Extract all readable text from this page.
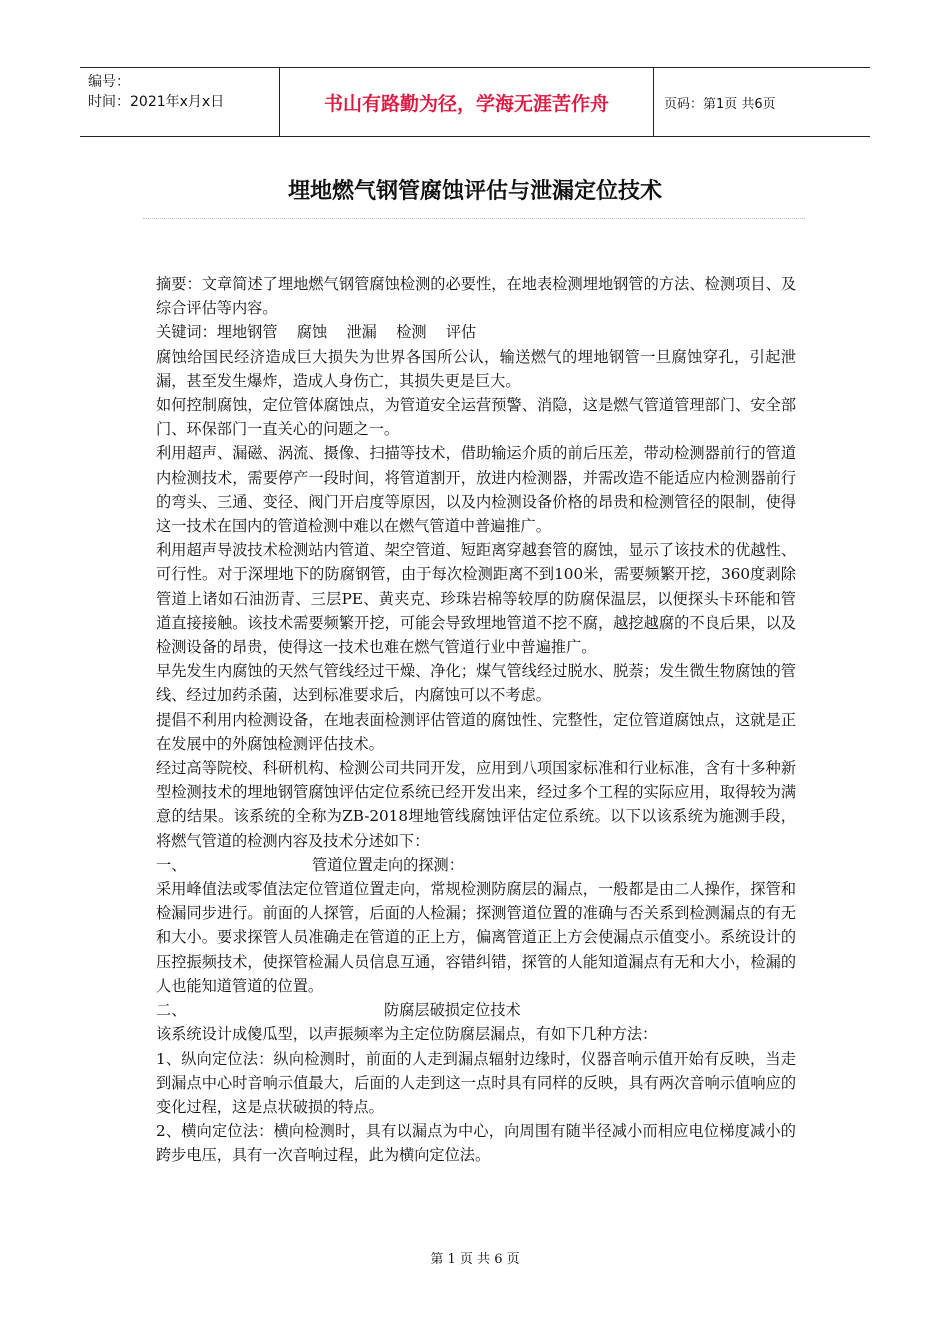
编号：
时间：2021年x月x日	书山有路勤为径，学海无涯苦作舟	页码：第1页 共6页
埋地燃气钢管腐蚀评估与泄漏定位技术

摘要：文章简述了埋地燃气钢管腐蚀检测的必要性，在地表检测埋地钢管的方法、检测项目、及综合评估等内容。

关键词：埋地钢管    腐蚀    泄漏    检测    评估

腐蚀给国民经济造成巨大损失为世界各国所公认，输送燃气的埋地钢管一旦腐蚀穿孔，引起泄漏，甚至发生爆炸，造成人身伤亡，其损失更是巨大。

如何控制腐蚀，定位管体腐蚀点，为管道安全运营预警、消隐，这是燃气管道管理部门、安全部门、环保部门一直关心的问题之一。

利用超声、漏磁、涡流、摄像、扫描等技术，借助输运介质的前后压差，带动检测器前行的管道内检测技术，需要停产一段时间，将管道割开，放进内检测器，并需改造不能适应内检测器前行的弯头、三通、变径、阀门开启度等原因，以及内检测设备价格的昂贵和检测管径的限制，使得这一技术在国内的管道检测中难以在燃气管道中普遍推广。

利用超声导波技术检测站内管道、架空管道、短距离穿越套管的腐蚀，显示了该技术的优越性、可行性。对于深埋地下的防腐钢管，由于每次检测距离不到100米，需要频繁开挖，360度剥除管道上诸如石油沥青、三层PE、黄夹克、珍珠岩棉等较厚的防腐保温层，以便探头卡环能和管道直接接触。该技术需要频繁开挖，可能会导致埋地管道不挖不腐，越挖越腐的不良后果，以及检测设备的昂贵，使得这一技术也难在燃气管道行业中普遍推广。

早先发生内腐蚀的天然气管线经过干燥、净化；煤气管线经过脱水、脱萘；发生微生物腐蚀的管线、经过加药杀菌，达到标准要求后，内腐蚀可以不考虑。

提倡不利用内检测设备，在地表面检测评估管道的腐蚀性、完整性，定位管道腐蚀点，这就是正在发展中的外腐蚀检测评估技术。

经过高等院校、科研机构、检测公司共同开发，应用到八项国家标准和行业标准，含有十多种新型检测技术的埋地钢管腐蚀评估定位系统已经开发出来，经过多个工程的实际应用，取得较为满意的结果。该系统的全称为ZB-2018埋地管线腐蚀评估定位系统。以下以该系统为施测手段，将燃气管道的检测内容及技术分述如下：

一、	管道位置走向的探测：

采用峰值法或零值法定位管道位置走向，常规检测防腐层的漏点，一般都是由二人操作，探管和检漏同步进行。前面的人探管，后面的人检漏；探测管道位置的准确与否关系到检测漏点的有无和大小。要求探管人员准确走在管道的正上方，偏离管道正上方会使漏点示值变小。系统设计的压控振频技术，使探管检漏人员信息互通，容错纠错，探管的人能知道漏点有无和大小，检漏的人也能知道管道的位置。

二、	防腐层破损定位技术

该系统设计成傻瓜型，以声振频率为主定位防腐层漏点，有如下几种方法：

1、纵向定位法：纵向检测时，前面的人走到漏点辐射边缘时，仪器音响示值开始有反映，当走到漏点中心时音响示值最大，后面的人走到这一点时具有同样的反映，具有两次音响示值响应的变化过程，这是点状破损的特点。

2、横向定位法：横向检测时，具有以漏点为中心，向周围有随半径减小而相应电位梯度减小的跨步电压，具有一次音响过程，此为横向定位法。

第 1 页 共 6 页
